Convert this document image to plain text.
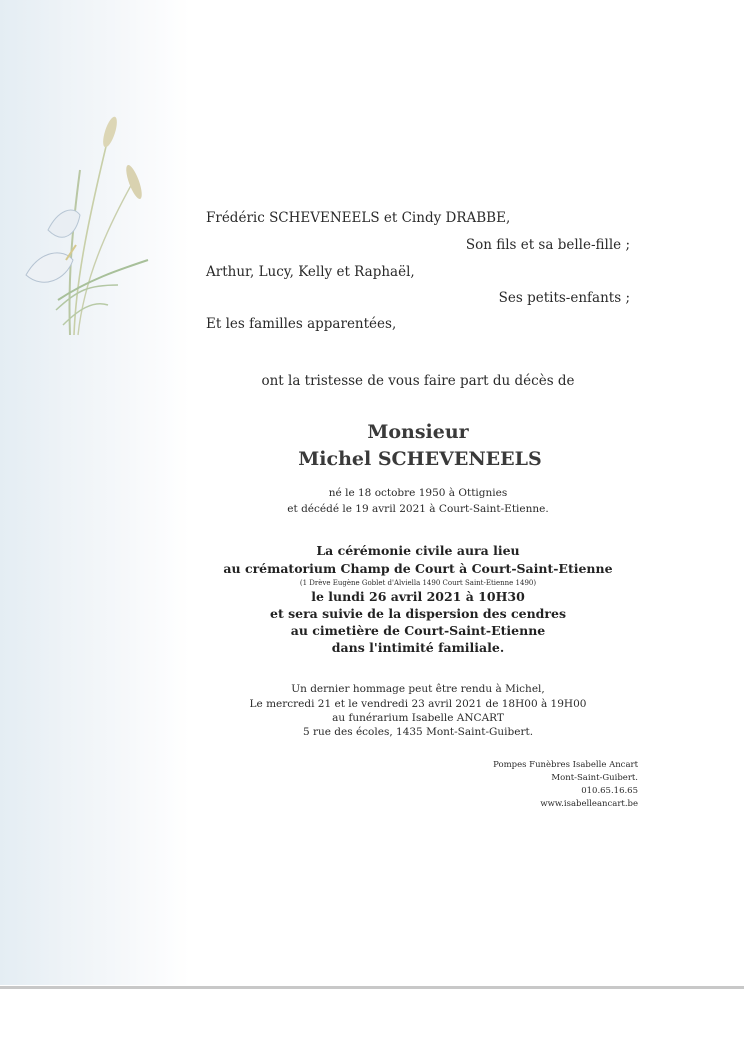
Frédéric SCHEVENEELS et Cindy DRABBE,

Son fils et sa belle-fille ;

Arthur, Lucy, Kelly et Raphaël,

Ses petits-enfants ;

Et les familles apparentées,

ont la tristesse de vous faire part du décès de

Monsieur

Michel SCHEVENEELS

né le 18 octobre 1950 à Ottignies

et décédé le 19 avril 2021 à Court-Saint-Etienne.

La cérémonie civile aura lieu

au crématorium Champ de Court à Court-Saint-Etienne

(1 Drève Eugène Goblet d'Alviella 1490 Court Saint-Etienne 1490)

le lundi 26 avril 2021 à 10H30

et sera suivie de la dispersion des cendres

au cimetière de Court-Saint-Etienne

dans l'intimité familiale.

Un dernier hommage peut être rendu à Michel,

Le mercredi 21 et le vendredi 23 avril 2021 de 18H00 à 19H00

au funérarium Isabelle ANCART

5 rue des écoles, 1435 Mont-Saint-Guibert.

Pompes Funèbres Isabelle Ancart

Mont-Saint-Guibert.

010.65.16.65

www.isabelleancart.be
